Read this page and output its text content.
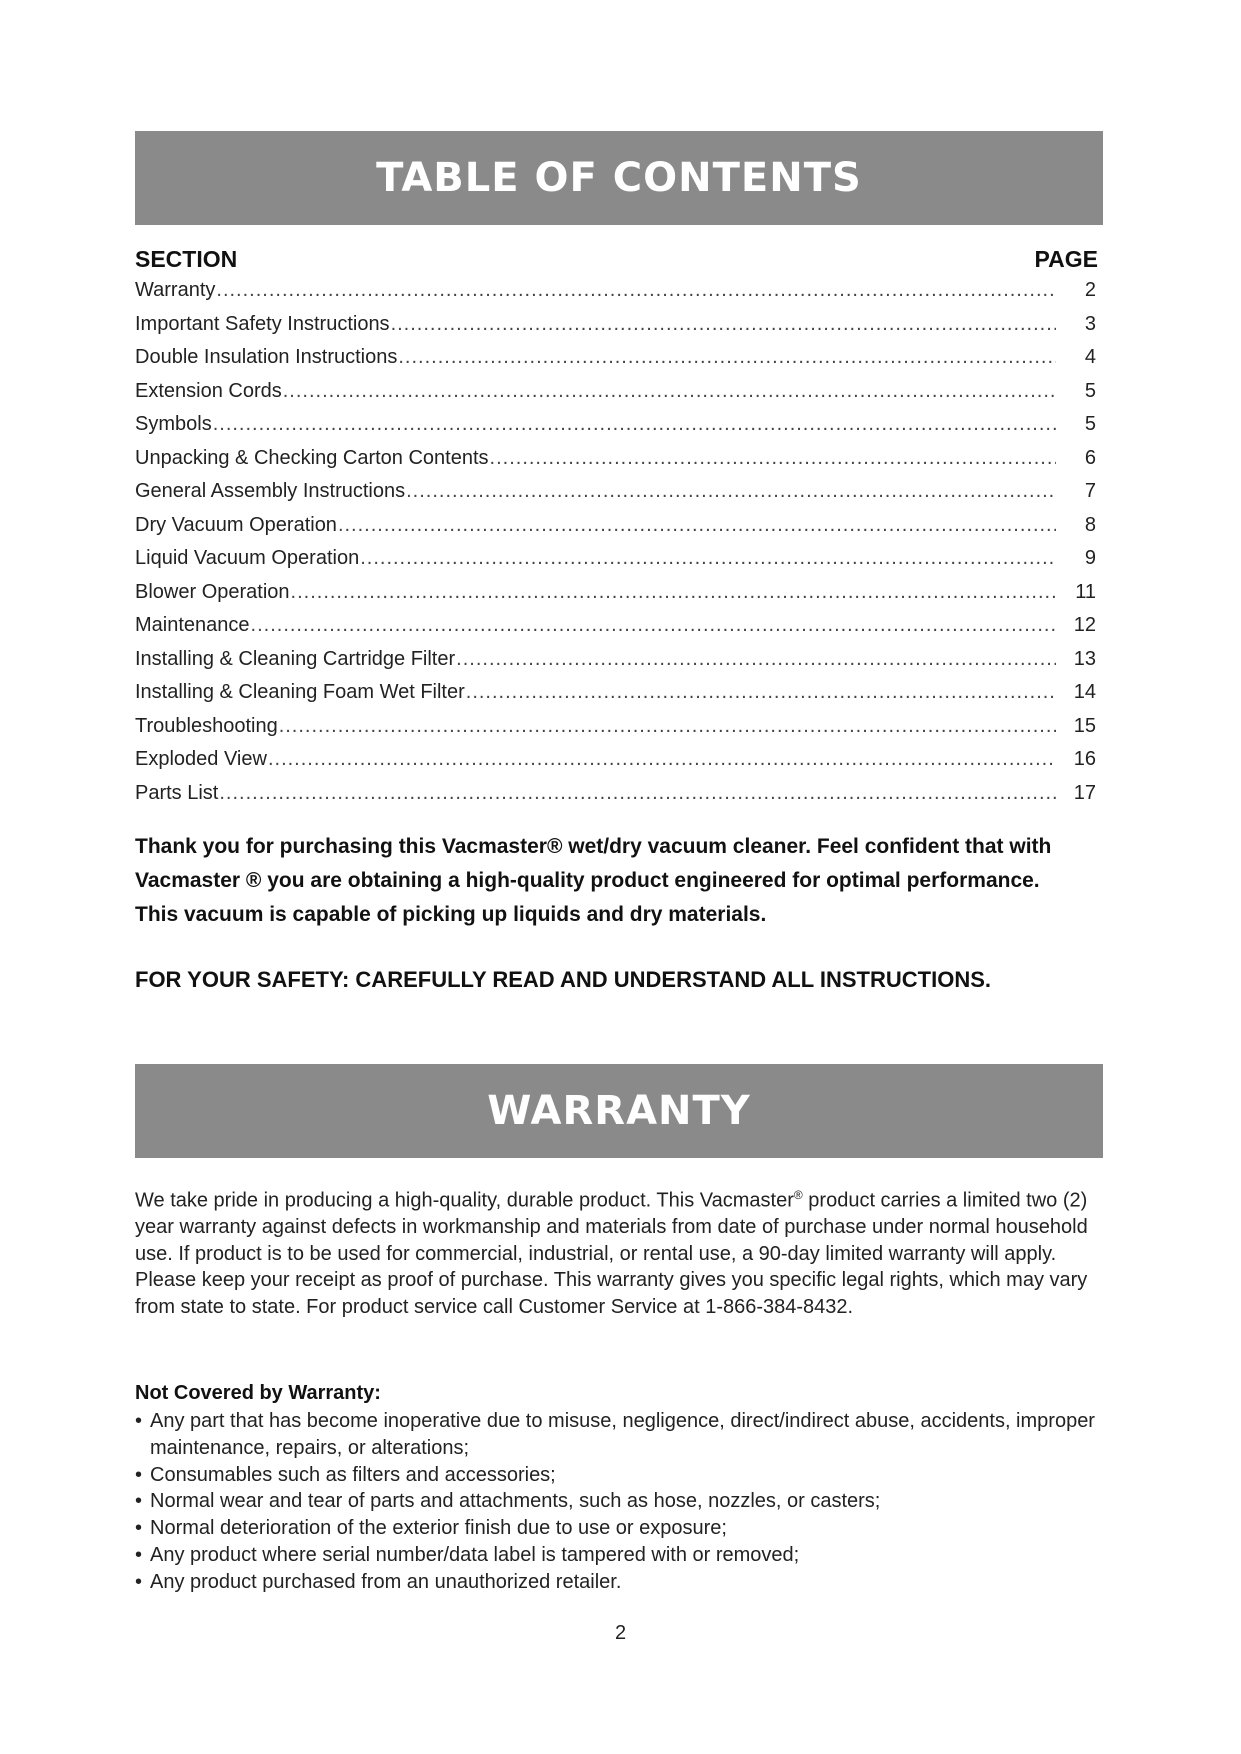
TABLE OF CONTENTS
SECTION	PAGE
Warranty .....	2
Important Safety Instructions .....	3
Double Insulation Instructions .....	4
Extension Cords .....	5
Symbols .....	5
Unpacking & Checking Carton Contents .....	6
General Assembly Instructions .....	7
Dry Vacuum Operation .....	8
Liquid Vacuum Operation .....	9
Blower Operation .....	11
Maintenance .....	12
Installing & Cleaning Cartridge Filter .....	13
Installing & Cleaning Foam Wet Filter .....	14
Troubleshooting .....	15
Exploded View .....	16
Parts List .....	17

Thank you for purchasing this Vacmaster® wet/dry vacuum cleaner. Feel confident that with

Vacmaster ® you are obtaining a high-quality product engineered for optimal performance.

This vacuum is capable of picking up liquids and dry materials.

FOR YOUR SAFETY: CAREFULLY READ AND UNDERSTAND ALL INSTRUCTIONS.

WARRANTY

We take pride in producing a high-quality, durable product. This Vacmaster® product carries a limited two (2) year warranty against defects in workmanship and materials from date of purchase under normal household use. If product is to be used for commercial, industrial, or rental use, a 90-day limited warranty will apply. Please keep your receipt as proof of purchase. This warranty gives you specific legal rights, which may vary from state to state. For product service call Customer Service at 1-866-384-8432.

Not Covered by Warranty:
• Any part that has become inoperative due to misuse, negligence, direct/indirect abuse, accidents, improper maintenance, repairs, or alterations;
• Consumables such as filters and accessories;
• Normal wear and tear of parts and attachments, such as hose, nozzles, or casters;
• Normal deterioration of the exterior finish due to use or exposure;
• Any product where serial number/data label is tampered with or removed;
• Any product purchased from an unauthorized retailer.
2
